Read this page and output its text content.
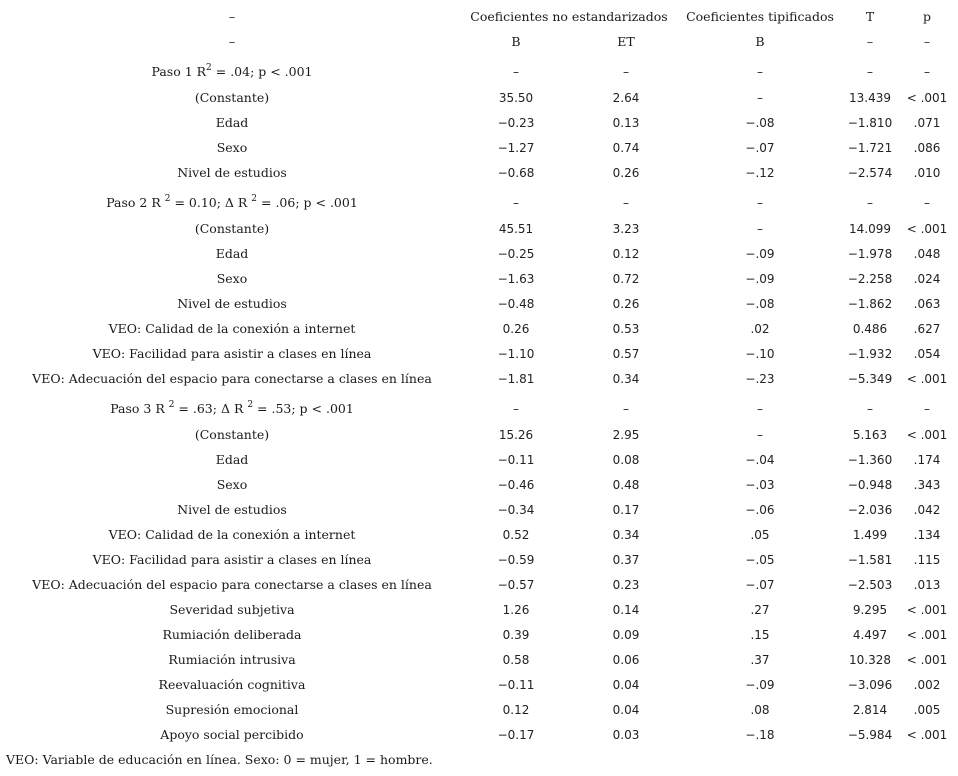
–	Coeficientes no estandarizados Coeficientes tipificados	T	p
–	B	ET	B	–	–
Paso 1 $R^2 = .04$; p < .001	–	–	–	–	–
(Constante)	35.50	2.64	–	13.439 < .001
Edad	−0.23	0.13	−.08	−1.810 .071
Sexo	−1.27	0.74	−.07	−1.721 .086
Nivel de estudios	−0.68	0.26	−.12	−2.574 .010
Paso 2 R $^2$ = 0.10; Δ R $^2$ = .06; p < .001	–	–	–	–	–
(Constante)	45.51	3.23	–	14.099 < .001
Edad	−0.25	0.12	−.09	−1.978 .048
Sexo	−1.63	0.72	−.09	−2.258 .024
Nivel de estudios	−0.48	0.26	−.08	−1.862 .063
VEO: Calidad de la conexión a internet	0.26	0.53	.02	0.486 .627
VEO: Facilidad para asistir a clases en línea	−1.10	0.57	−.10	−1.932 .054
VEO: Adecuación del espacio para conectarse a clases en línea	−1.81	0.34	−.23	−5.349 < .001
Paso 3 R $^2$ = .63; Δ R $^2$ = .53; p < .001	–	–	–	–	–
(Constante)	15.26	2.95	–	5.163 < .001
Edad	−0.11	0.08	−.04	−1.360 .174
Sexo	−0.46	0.48	−.03	−0.948 .343
Nivel de estudios	−0.34	0.17	−.06	−2.036 .042
VEO: Calidad de la conexión a internet	0.52	0.34	.05	1.499 .134
VEO: Facilidad para asistir a clases en línea	−0.59	0.37	−.05	−1.581 .115
VEO: Adecuación del espacio para conectarse a clases en línea	−0.57	0.23	−.07	−2.503 .013
Severidad subjetiva	1.26	0.14	.27	9.295 < .001
Rumiación deliberada	0.39	0.09	.15	4.497 < .001
Rumiación intrusiva	0.58	0.06	.37	10.328 < .001
Reevaluación cognitiva	−0.11	0.04	−.09	−3.096 .002
Supresión emocional	0.12	0.04	.08	2.814 .005
Apoyo social percibido	−0.17	0.03	−.18	−5.984 < .001
VEO: Variable de educación en línea. Sexo: 0 = mujer, 1 = hombre.
